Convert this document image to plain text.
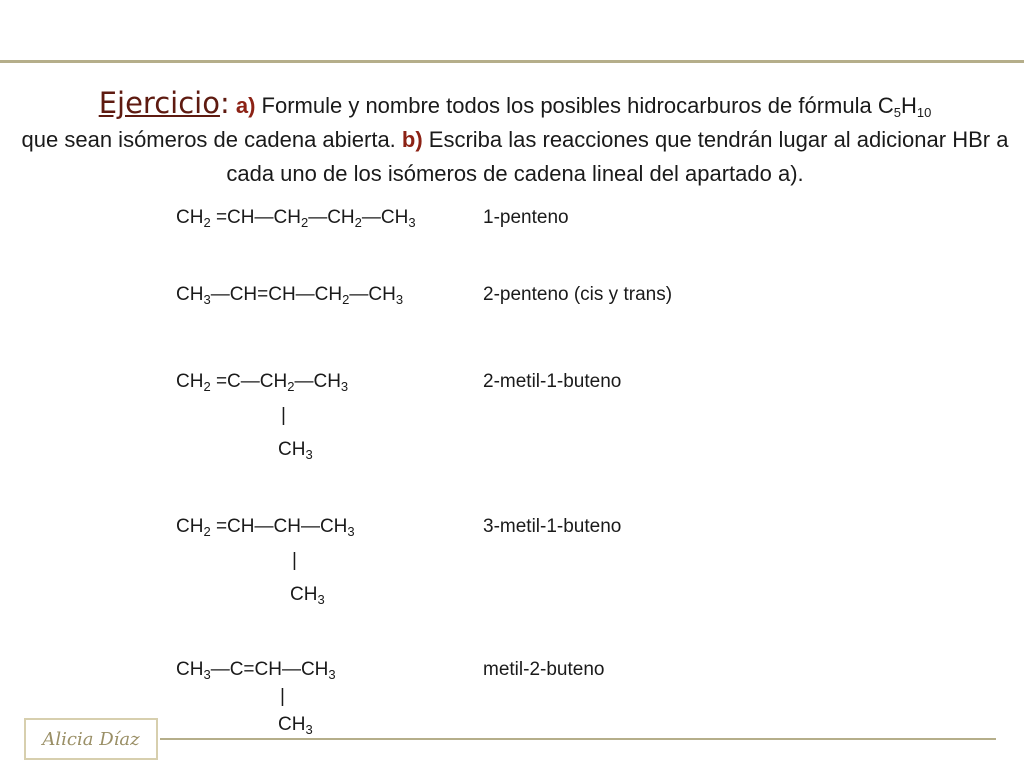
Ejercicio: a) Formule y nombre todos los posibles hidrocarburos de fórmula $C_5H_{10}$
que sean isómeros de cadena abierta. b) Escriba las reacciones que tendrán lugar al adicionar HBr a cada uno de los isómeros de cadena lineal del apartado a).
$CH_2$ $=CH—CH_2—CH_2—CH_3$	1-penteno
$CH_3—CH=CH—CH_2—CH_3$	2-penteno (cis y trans)
$CH_2$ $=C—CH_2—CH_3$
|
$CH_3$
2-metil-1-buteno
$CH_2$ $=CH—CH—CH_3$
|
$CH_3$
3-metil-1-buteno
$CH_3—C=CH—CH_3$
|
$CH_3$
metil-2-buteno
Alicia Díaz
